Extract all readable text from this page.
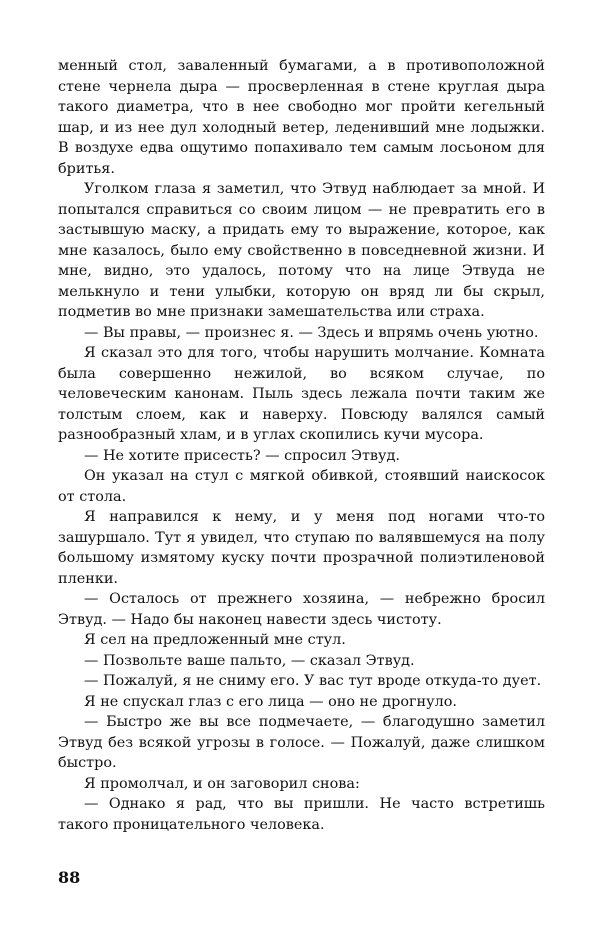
менный стол, заваленный бумагами, а в противоположной стене чернела дыра — просверленная в стене круглая дыра такого диаметра, что в нее свободно мог пройти кегельный шар, и из нее дул холодный ветер, леденивший мне лодыжки. В воздухе едва ощутимо попахивало тем самым лосьоном для бритья.

Уголком глаза я заметил, что Этвуд наблюдает за мной. И попытался справиться со своим лицом — не превратить его в застывшую маску, а придать ему то выражение, которое, как мне казалось, было ему свойственно в повседневной жизни. И мне, видно, это удалось, потому что на лице Этвуда не мелькнуло и тени улыбки, которую он вряд ли бы скрыл, подметив во мне признаки замешательства или страха.

— Вы правы, — произнес я. — Здесь и впрямь очень уютно.

Я сказал это для того, чтобы нарушить молчание. Комната была совершенно нежилой, во всяком случае, по человеческим канонам. Пыль здесь лежала почти таким же толстым слоем, как и наверху. Повсюду валялся самый разнообразный хлам, и в углах скопились кучи мусора.

— Не хотите присесть? — спросил Этвуд.

Он указал на стул с мягкой обивкой, стоявший наискосок от стола.

Я направился к нему, и у меня под ногами что-то зашуршало. Тут я увидел, что ступаю по валявшемуся на полу большому измятому куску почти прозрачной полиэтиленовой пленки.

— Осталось от прежнего хозяина, — небрежно бросил Этвуд. — Надо бы наконец навести здесь чистоту.

Я сел на предложенный мне стул.

— Позвольте ваше пальто, — сказал Этвуд.

— Пожалуй, я не сниму его. У вас тут вроде откуда-то дует.

Я не спускал глаз с его лица — оно не дрогнуло.

— Быстро же вы все подмечаете, — благодушно заметил Этвуд без всякой угрозы в голосе. — Пожалуй, даже слишком быстро.

Я промолчал, и он заговорил снова:

— Однако я рад, что вы пришли. Не часто встретишь такого проницательного человека.

88
